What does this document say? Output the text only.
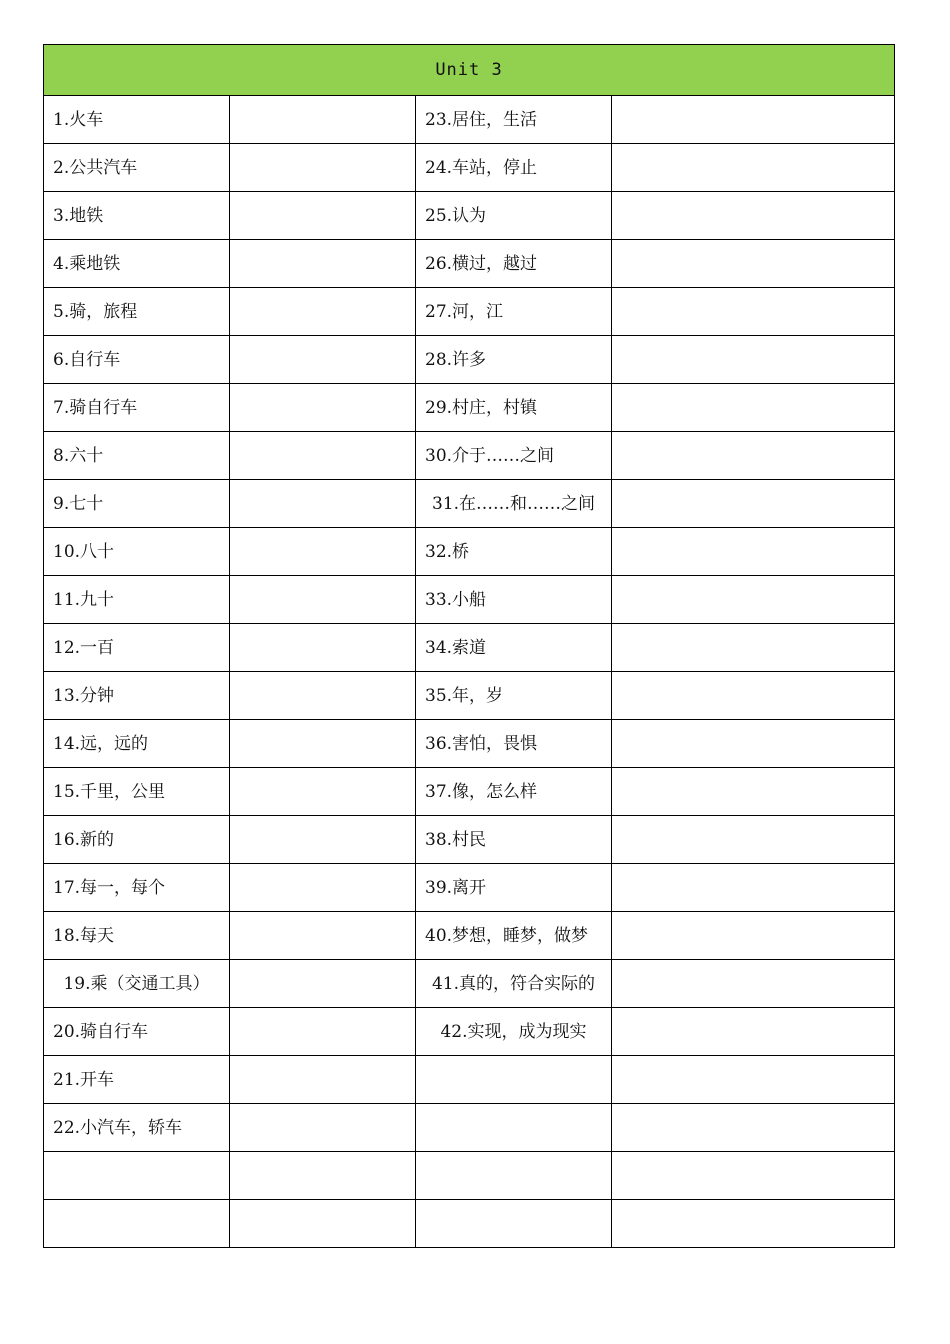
Unit 3			
1.火车		23.居住，生活	
2.公共汽车		24.车站，停止	
3.地铁		25.认为	
4.乘地铁		26.横过，越过	
5.骑，旅程		27.河，江	
6.自行车		28.许多	
7.骑自行车		29.村庄，村镇	
8.六十		30.介于……之间	
9.七十		31.在……和……之间	
10.八十		32.桥	
11.九十		33.小船	
12.一百		34.索道	
13.分钟		35.年，岁	
14.远，远的		36.害怕，畏惧	
15.千里，公里		37.像，怎么样	
16.新的		38.村民	
17.每一，每个		39.离开	
18.每天		40.梦想，睡梦，做梦	
19.乘（交通工具）		41.真的，符合实际的	
20.骑自行车		42.实现，成为现实	
21.开车			
22.小汽车，轿车			
